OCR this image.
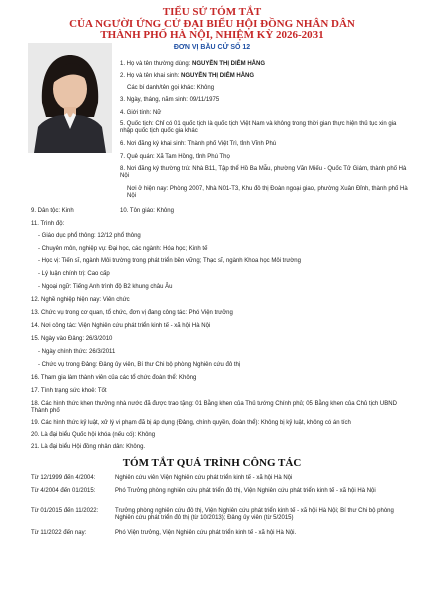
TIỂU SỬ TÓM TẮT
CỦA NGƯỜI ỨNG CỬ ĐẠI BIỂU HỘI ĐỒNG NHÂN DÂN
THÀNH PHỐ HÀ NỘI, NHIỆM KỲ 2026-2031
ĐƠN VỊ BẦU CỬ SỐ 12
1. Họ và tên thường dùng: NGUYỄN THỊ DIỄM HẰNG
2. Họ và tên khai sinh: NGUYỄN THỊ DIỄM HẰNG
Các bí danh/tên gọi khác: Không
3. Ngày, tháng, năm sinh: 09/11/1975
4. Giới tính: Nữ
5. Quốc tịch: Chỉ có 01 quốc tịch là quốc tịch Việt Nam và không trong thời gian thực hiện thủ tục xin gia nhập quốc tịch quốc gia khác
6. Nơi đăng ký khai sinh: Thành phố Việt Trì, tỉnh Vĩnh Phú
7. Quê quán: Xã Tam Hồng, tỉnh Phú Thọ
8. Nơi đăng ký thường trú: Nhà B11, Tập thể Hồ Ba Mẫu, phường Văn Miếu - Quốc Tử Giám, thành phố Hà Nội
Nơi ở hiện nay: Phòng 2007, Nhà N01-T3, Khu đô thị Đoàn ngoại giao, phường Xuân Đỉnh, thành phố Hà Nội
9. Dân tộc: Kinh	10. Tôn giáo: Không
11. Trình độ:
- Giáo dục phổ thông: 12/12 phổ thông
- Chuyên môn, nghiệp vụ: Đại học, các ngành: Hóa học; Kinh tế
- Học vị: Tiến sĩ, ngành Môi trường trong phát triển bền vững; Thạc sĩ, ngành Khoa học Môi trường
- Lý luận chính trị: Cao cấp
- Ngoại ngữ: Tiếng Anh trình độ B2 khung châu Âu
12. Nghề nghiệp hiện nay: Viên chức
13. Chức vụ trong cơ quan, tổ chức, đơn vị đang công tác: Phó Viện trưởng
14. Nơi công tác: Viện Nghiên cứu phát triển kinh tế - xã hội Hà Nội
15. Ngày vào Đảng: 26/3/2010
- Ngày chính thức: 26/3/2011
- Chức vụ trong Đảng: Đảng ủy viên, Bí thư Chi bộ phòng Nghiên cứu đô thị
16. Tham gia làm thành viên của các tổ chức đoàn thể: Không
17. Tình trạng sức khoẻ: Tốt
18. Các hình thức khen thưởng nhà nước đã được trao tặng: 01 Bằng khen của Thủ tướng Chính phủ; 05 Bằng khen của Chủ tịch UBND Thành phố
19. Các hình thức kỷ luật, xử lý vi phạm đã bị áp dụng (Đảng, chính quyền, đoàn thể): Không bị kỷ luật, không có án tích
20. Là đại biểu Quốc hội khóa (nếu có): Không
21. Là đại biểu Hội đồng nhân dân: Không.
TÓM TẮT QUÁ TRÌNH CÔNG TÁC
Từ 12/1999 đến 4/2004:	Nghiên cứu viên Viện Nghiên cứu phát triển kinh tế - xã hội Hà Nội
Từ 4/2004 đến 01/2015:	Phó Trưởng phòng nghiên cứu phát triển đô thị, Viện Nghiên cứu phát triển kinh tế - xã hội Hà Nội
Từ 01/2015 đến 11/2022:	Trưởng phòng nghiên cứu đô thị, Viện Nghiên cứu phát triển kinh tế - xã hội Hà Nội; Bí thư Chi bộ phòng Nghiên cứu phát triển đô thị (từ 10/2013); Đảng ủy viên (từ 5/2015)
Từ 11/2022 đến nay:	Phó Viện trưởng, Viện Nghiên cứu phát triển kinh tế - xã hội Hà Nội.
